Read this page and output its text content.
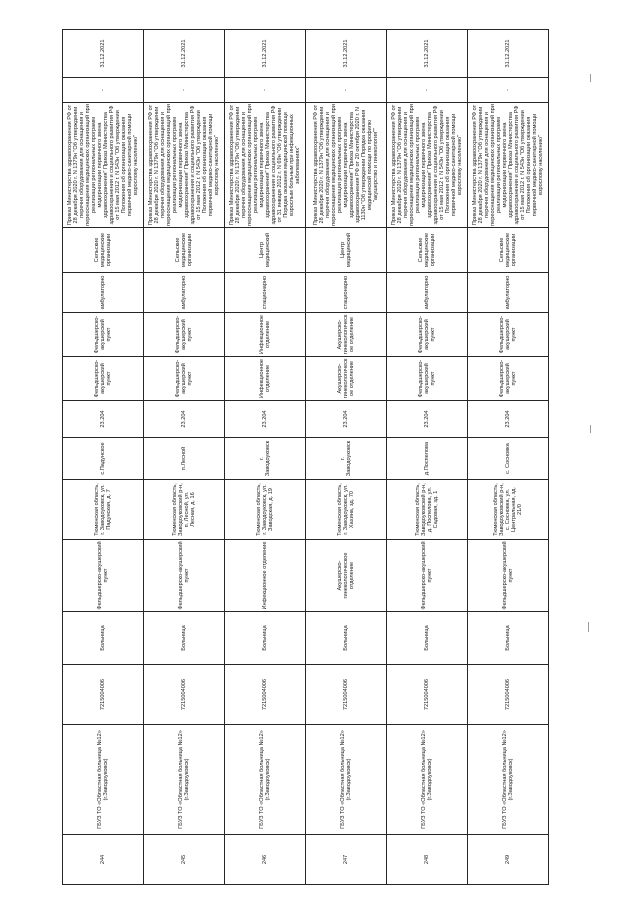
244	ГБУЗ ТО «Областная больница №12» (г.Заводоуковск)	7215004006	Больница	Фельдшерско-акушерский пункт	Тюменская область, г. Заводоуковск, ул. Падунская, д. 7	с.Падунское	23.204	Фельдшерско-акушерский пункт	Фельдшерско-акушерский пункт	амбулаторно	Сельские медицинские организации	Приказ Министерства здравоохранения РФ от 28 декабря 2020 г. N 1379н "Об утверждении перечня оборудования для оснащения и переоснащения медицинских организаций при реализации региональных программ модернизации первичного звена здравоохранения" Приказ Министерства здравоохранения и социального развития РФ от 15 мая 2012 г. N 543н "Об утверждении Положения об организации оказания первичной медико-санитарной помощи взрослому населению"	-	31.12.2021

245	ГБУЗ ТО «Областная больница №12» (г.Заводоуковск)	7215004006	Больница	Фельдшерско-акушерский пункт	Тюменская область, Заводоуковский р-н, п. Лесной, ул. Лесная, д. 16	п.Лесной	23.204	Фельдшерско-акушерский пункт	Фельдшерско-акушерский пункт	амбулаторно	Сельские медицинские организации	Приказ Министерства здравоохранения РФ от 28 декабря 2020 г. N 1379н "Об утверждении перечня оборудования для оснащения и переоснащения медицинских организаций при реализации региональных программ модернизации первичного звена здравоохранения" Приказ Министерства здравоохранения и социального развития РФ от 15 мая 2012 г. N 543н "Об утверждении Положения об организации оказания первичной медико-санитарной помощи взрослому населению"	-	31.12.2021

246	ГБУЗ ТО «Областная больница №12» (г.Заводоуковск)	7215004006	Больница	Инфекционное отделение	Тюменская область, г. Заводоуковск, ул. Заводская, д. 19	г. Заводоуковск	23.204	Инфекционное отделение	Инфекционное отделение	стационарно	Центр медицинский	Приказ Министерства здравоохранения РФ от 28 декабря 2020 г. N 1379н "Об утверждении перечня оборудования для оснащения и переоснащения медицинских организаций при реализации региональных программ модернизации первичного звена здравоохранения" Приказ Министерства здравоохранения и социального развития РФ от 31 января 2012 г. N 69н "Об утверждении Порядка оказания медицинской помощи взрослым больным при инфекционных заболеваниях"	-	31.12.2021

247	ГБУЗ ТО «Областная больница №12» (г.Заводоуковск)	7215004006	Больница	Акушерско-гинекологическое отделение	Тюменская область, г. Заводоуковск, ул. Хахина, зд. 70	г. Заводоуковск	23.204	Акушерско-гинекологическое отделение	Акушерско-гинекологическое отделение	стационарно	Центр медицинский	Приказ Министерства здравоохранения РФ от 28 декабря 2020 г. N 1379н "Об утверждении перечня оборудования для оснащения и переоснащения медицинских организаций при реализации региональных программ модернизации первичного звена здравоохранения" Приказ Министерства здравоохранения РФ от 20 октября 2020 г. N 1130н "Об утверждении Порядка оказания медицинской помощи по профилю "акушерство и гинекология""	-	31.12.2021

248	ГБУЗ ТО «Областная больница №12» (г.Заводоуковск)	7215004006	Больница	Фельдшерско-акушерский пункт	Тюменская область, Заводоуковский р-н, д. Поспелова, ул. Садовая, зд. 1	д.Поспелова	23.204	Фельдшерско-акушерский пункт	Фельдшерско-акушерский пункт	амбулаторно	Сельские медицинские организации	Приказ Министерства здравоохранения РФ от 28 декабря 2020 г. N 1379н "Об утверждении перечня оборудования для оснащения и переоснащения медицинских организаций при реализации региональных программ модернизации первичного звена здравоохранения" Приказ Министерства здравоохранения и социального развития РФ от 15 мая 2012 г. N 543н "Об утверждении Положения об организации оказания первичной медико-санитарной помощи взрослому населению"	-	31.12.2021

249	ГБУЗ ТО «Областная больница №12» (г.Заводоуковск)	7215004006	Больница	Фельдшерско-акушерский пункт	Тюменская область, Заводоуковский р-н, с. Сосновка, ул. Центральная, зд. 21/0	с. Сосновка	23.204	Фельдшерско-акушерский пункт	Фельдшерско-акушерский пункт	амбулаторно	Сельские медицинские организации	Приказ Министерства здравоохранения РФ от 28 декабря 2020 г. N 1379н "Об утверждении перечня оборудования для оснащения и переоснащения медицинских организаций при реализации региональных программ модернизации первичного звена здравоохранения" Приказ Министерства здравоохранения и социального развития РФ от 15 мая 2012 г. N 543н "Об утверждении Положения об организации оказания первичной медико-санитарной помощи взрослому населению"	-	31.12.2021
